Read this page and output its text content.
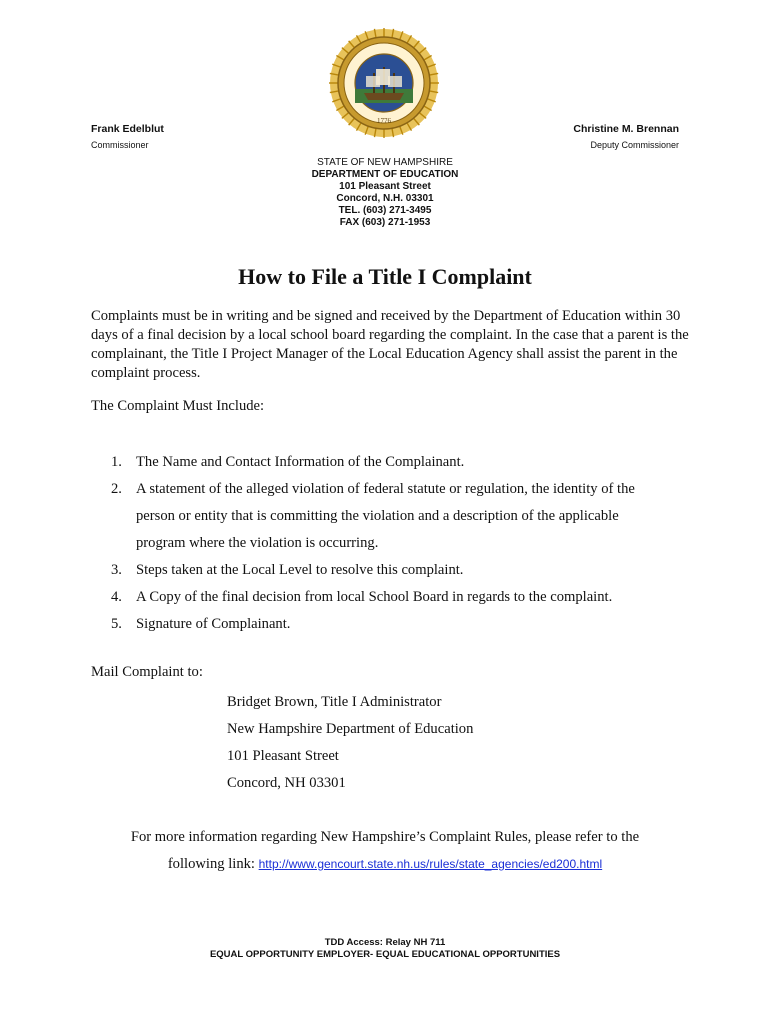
1776
Frank Edelblut
Commissioner
Christine M. Brennan
Deputy Commissioner
STATE OF NEW HAMPSHIRE
DEPARTMENT OF EDUCATION
101 Pleasant Street
Concord, N.H. 03301
TEL. (603) 271-3495
FAX (603) 271-1953
How to File a Title I Complaint
Complaints must be in writing and be signed and received by the Department of Education within 30 days of a final decision by a local school board regarding the complaint. In the case that a parent is the complainant, the Title I Project Manager of the Local Education Agency shall assist the parent in the complaint process.
The Complaint Must Include:
1. The Name and Contact Information of the Complainant.
2. A statement of the alleged violation of federal statute or regulation, the identity of the person or entity that is committing the violation and a description of the applicable program where the violation is occurring.
3. Steps taken at the Local Level to resolve this complaint.
4. A Copy of the final decision from local School Board in regards to the complaint.
5. Signature of Complainant.
Mail Complaint to:
Bridget Brown, Title I Administrator
New Hampshire Department of Education
101 Pleasant Street
Concord, NH 03301
For more information regarding New Hampshire’s Complaint Rules, please refer to the
following link: http://www.gencourt.state.nh.us/rules/state_agencies/ed200.html
TDD Access: Relay NH 711
EQUAL OPPORTUNITY EMPLOYER- EQUAL EDUCATIONAL OPPORTUNITIES
